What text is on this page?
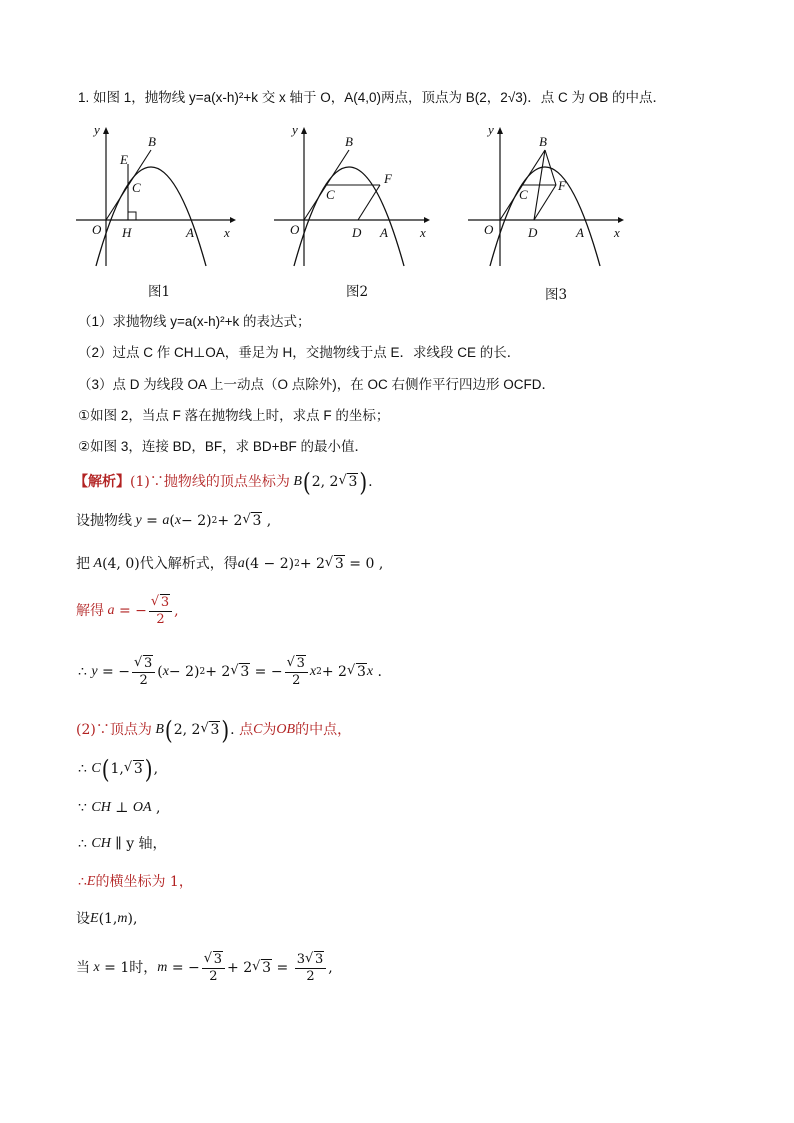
1. 如图 1，抛物线 y=a(x-h)²+k 交 x 轴于 O，A(4,0)两点，顶点为 B(2，2√3)．点 C 为 OB 的中点．
y
x
O
B
E
C
H	A
图1
y
x
O
B
C
F
D A
图2
y
x
O
B
C
F
D	A
图3
（1）求抛物线 y=a(x-h)²+k 的表达式；
（2）过点 C 作 CH⊥OA，垂足为 H，交抛物线于点 E．求线段 CE 的长．
（3）点 D 为线段 OA 上一动点（O 点除外)，在 OC 右侧作平行四边形 OCFD．
①如图 2，当点 F 落在抛物线上时，求点 F 的坐标；
②如图 3，连接 BD，BF，求 BD+BF 的最小值．
【解析】 (1) ∵抛物线的顶点坐标为 B ( 2, 2 √ 3 ) .
设抛物线 y = a ( x − 2) 2 + 2 √ 3 ,
把 A (4, 0) 代入解析式，得 a (4 − 2) 2 + 2 √ 3 = 0 ,
解得 a = − $\frac{√ 3}{2}$ ,
∴ y = − $\frac{√ 3}{2}$ ( x − 2) 2 + 2 √ 3 = − $\frac{√ 3}{2}$ x 2 + 2 √ 3 x .
(2) ∵顶点为 B ( 2, 2 √ 3 ) . 点 C 为 OB 的中点，
∴ C ( 1, √ 3 ) ,
∵
CH ⊥ OA ,
∴ CH ∥ y 轴，
∴ E 的横坐标为 1，
设 E (1, m ),
当 x = 1 时， m = − $\frac{√ 3}{2} + 2$ √ $3 = \frac{3 √ 3}{2}$ ,
